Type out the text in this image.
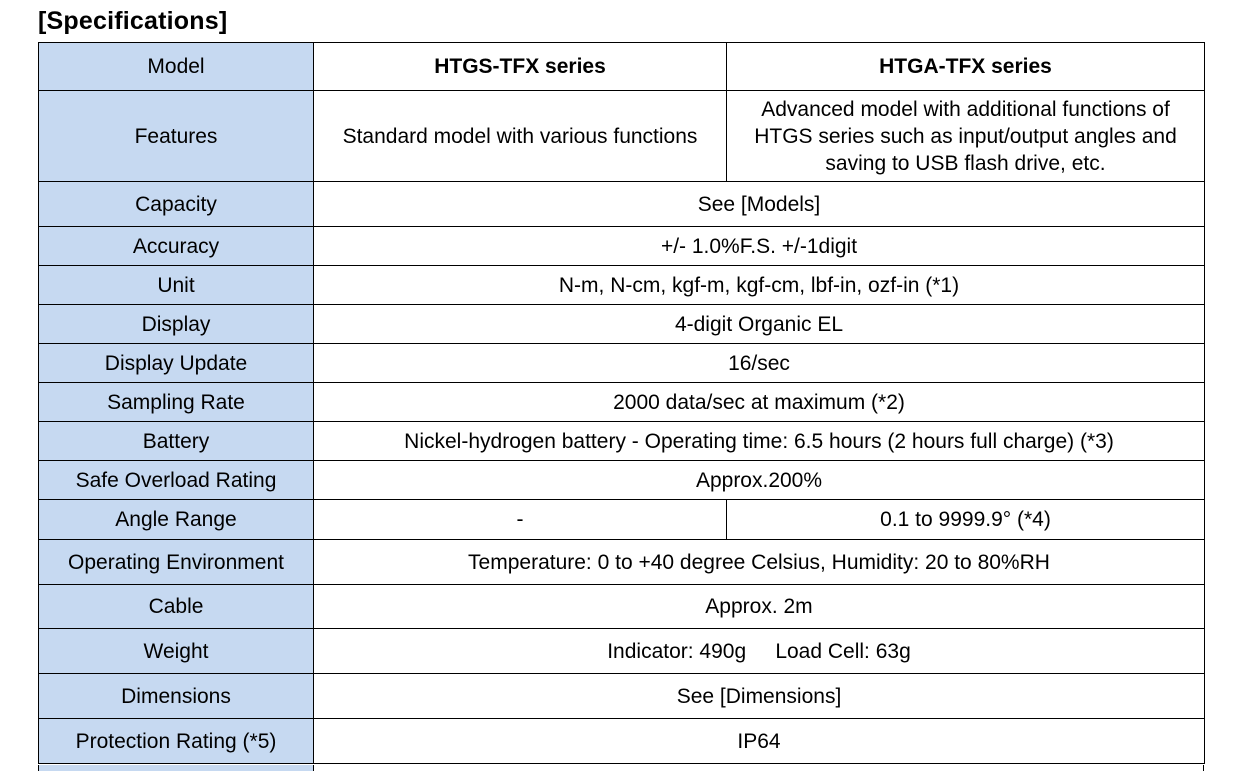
[Specifications]
Model	HTGS-TFX series	HTGA-TFX series
Features	Standard model with various functions	Advanced model with additional functions of HTGS series such as input/output angles and saving to USB flash drive, etc.
Capacity	See [Models]	
Accuracy	+/- 1.0%F.S. +/-1digit	
Unit	N-m, N-cm, kgf-m, kgf-cm, lbf-in, ozf-in (*1)	
Display	4-digit Organic EL	
Display Update	16/sec	
Sampling Rate	2000 data/sec at maximum (*2)	
Battery	Nickel-hydrogen battery - Operating time: 6.5 hours (2 hours full charge) (*3)	
Safe Overload Rating	Approx.200%	
Angle Range	-	0.1 to 9999.9° (*4)
Operating Environment	Temperature: 0 to +40 degree Celsius, Humidity: 20 to 80%RH	
Cable	Approx. 2m	
Weight	Indicator: 490g     Load Cell: 63g	
Dimensions	See [Dimensions]	
Protection Rating (*5)	IP64	
